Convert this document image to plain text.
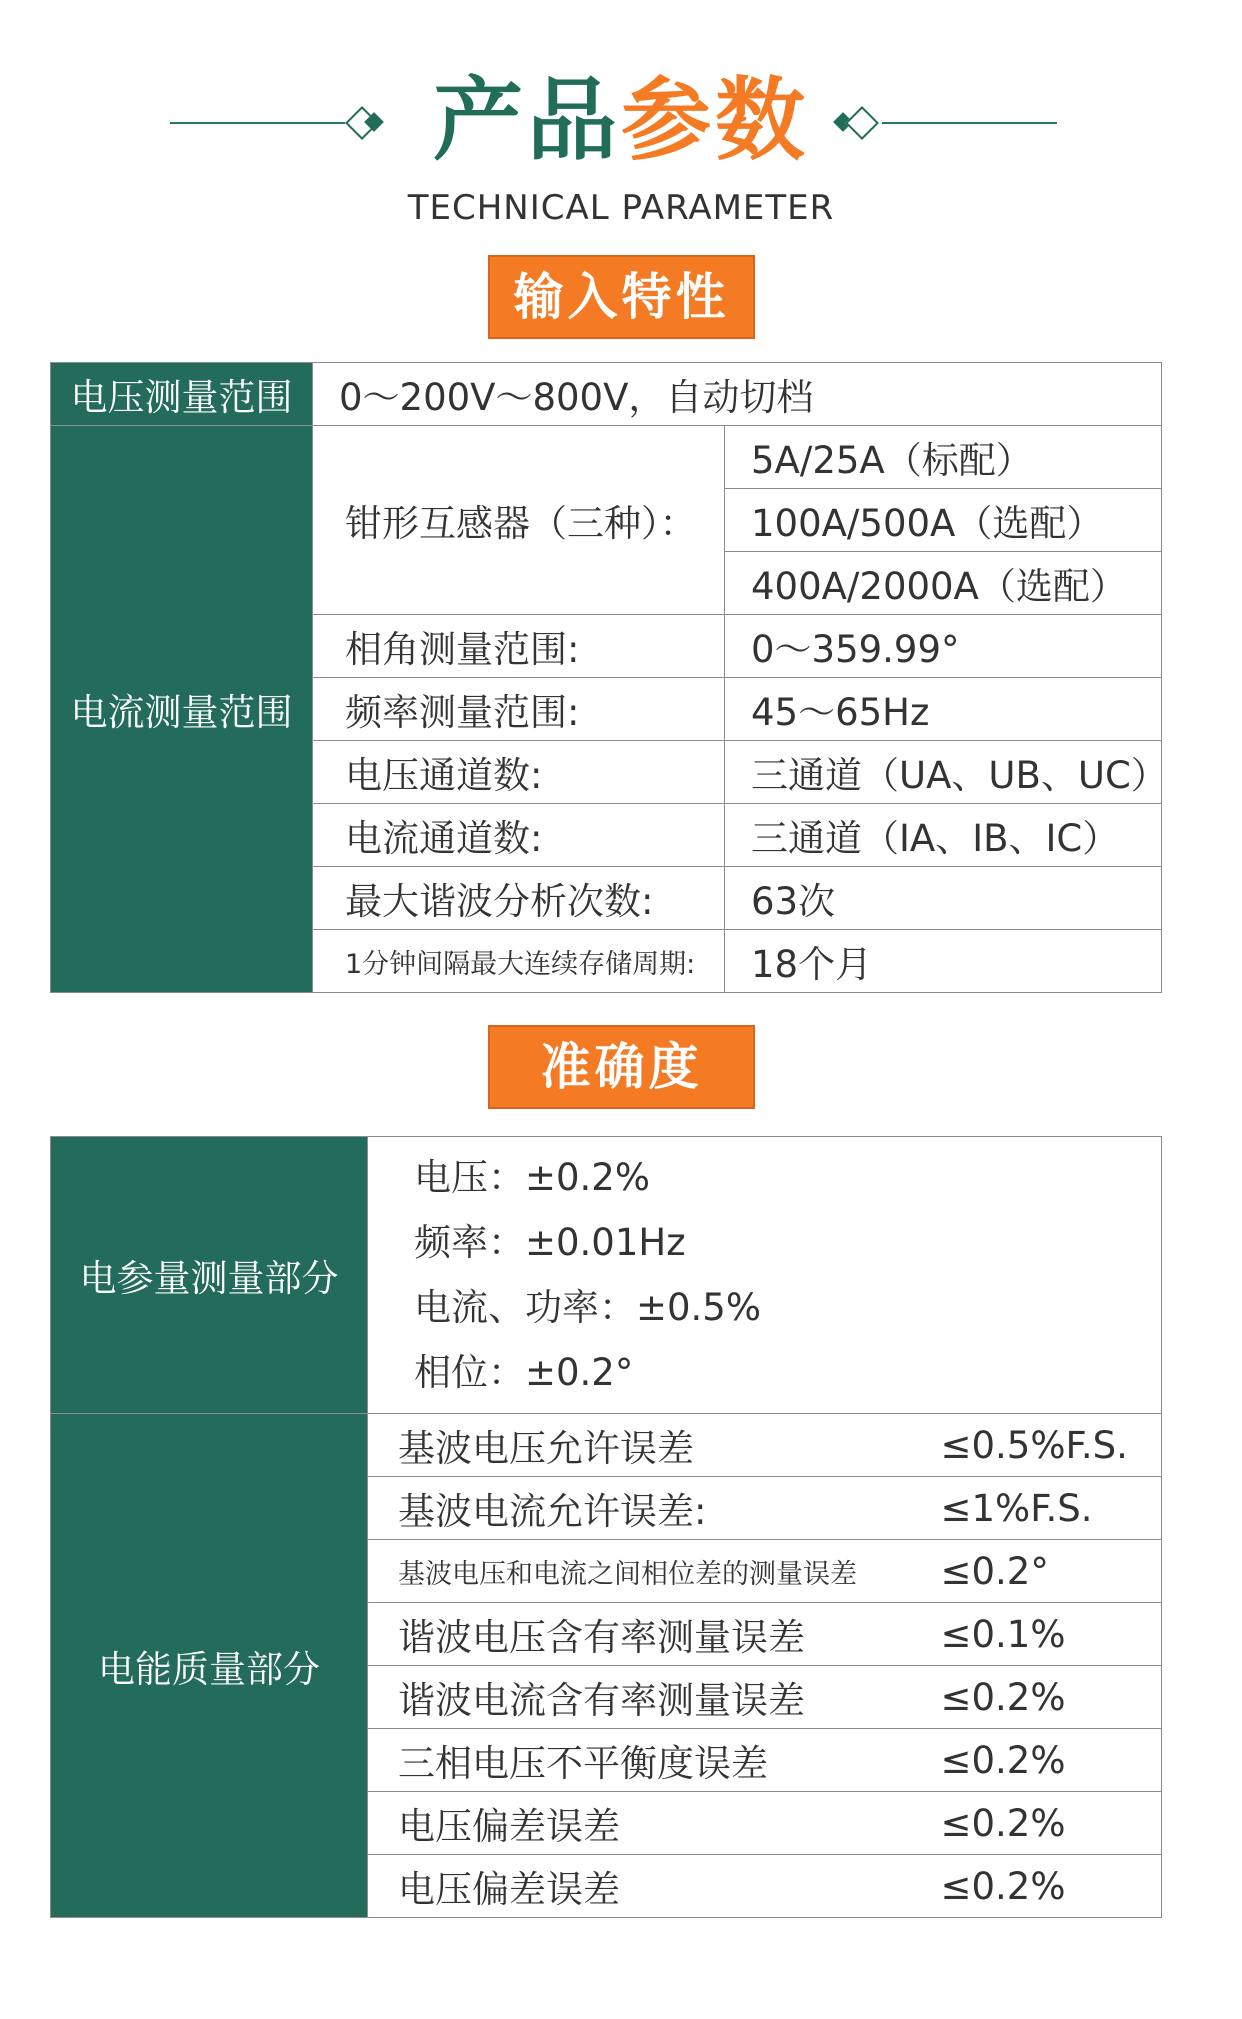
产品参数
TECHNICAL PARAMETER
输入特性
电压测量范围	0～200V～800V，自动切档	
电流测量范围	钳形互感器（三种）：	5A/25A（标配）
		100A/500A（选配）
		400A/2000A（选配）
	相角测量范围:	0～359.99°
	频率测量范围:	45～65Hz
	电压通道数:	三通道（UA、UB、UC）
	电流通道数:	三通道（IA、IB、IC）
	最大谐波分析次数:	63次
	1分钟间隔最大连续存储周期:	18个月
准确度
电参量测量部分	电压：±0.2%
频率：±0.01Hz
电流、功率：±0.5%
相位：±0.2°	

电能质量部分	基波电压允许误差	≤0.5%F.S.
	基波电流允许误差:	≤1%F.S.
	基波电压和电流之间相位差的测量误差	≤0.2°
	谐波电压含有率测量误差	≤0.1%
	谐波电流含有率测量误差	≤0.2%
	三相电压不平衡度误差	≤0.2%
	电压偏差误差	≤0.2%
	电压偏差误差	≤0.2%
